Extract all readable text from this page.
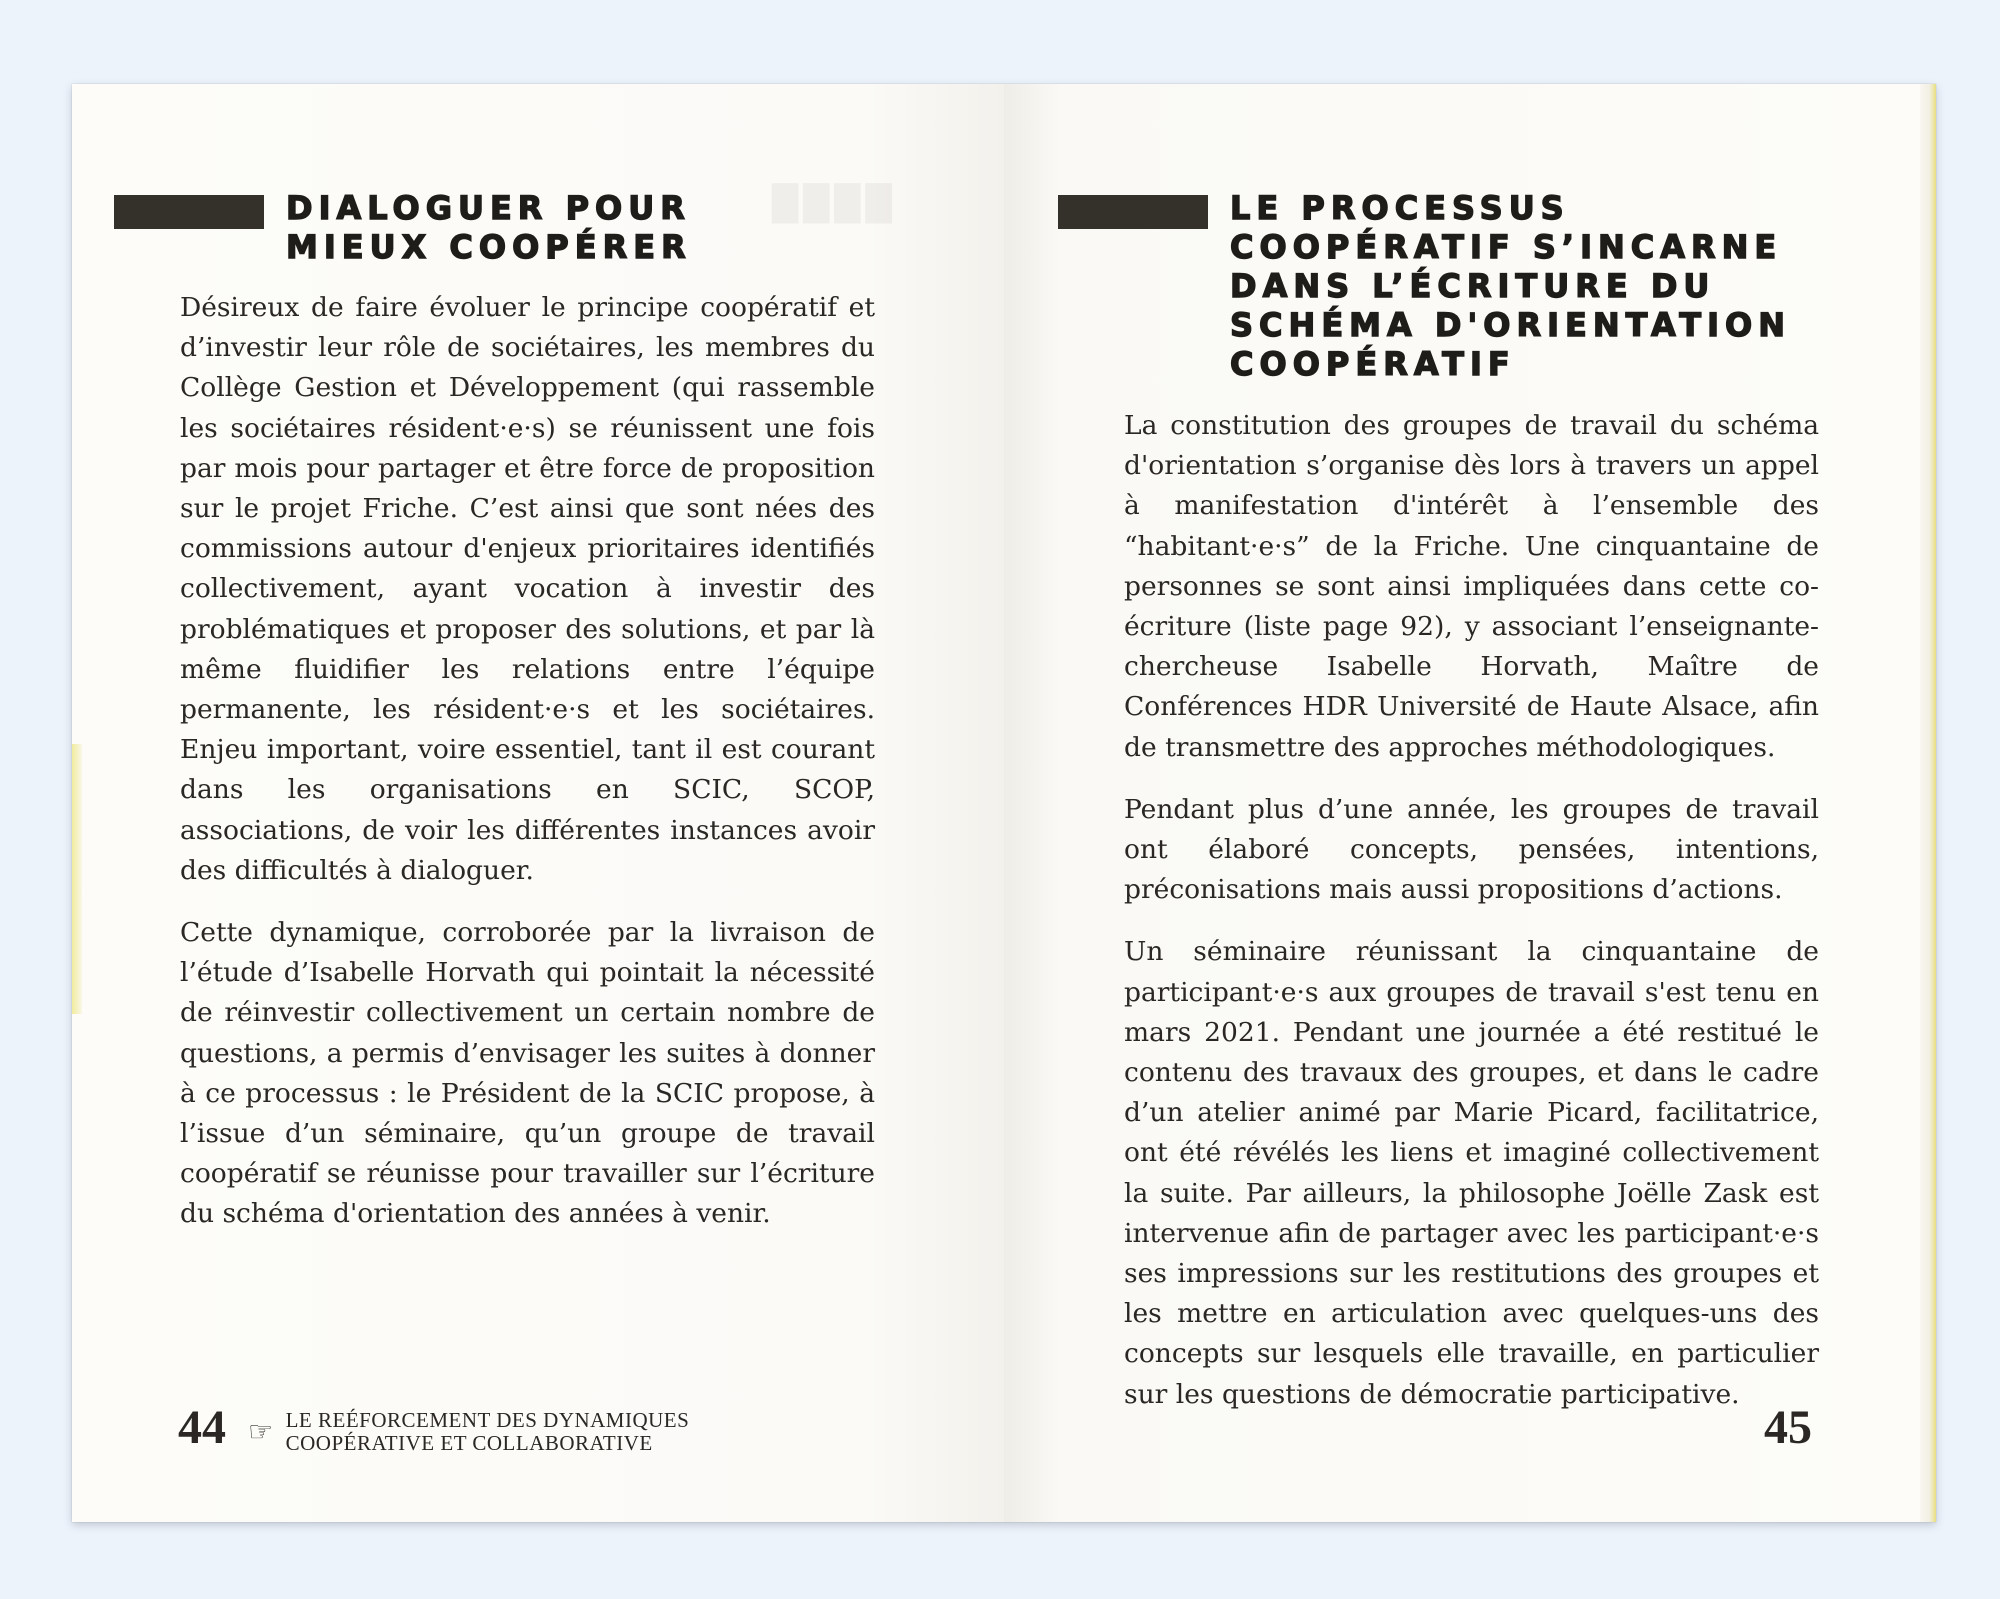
████
DIALOGUER POUR
MIEUX COOPÉRER

Désireux de faire évoluer le principe coopératif et d’investir leur rôle de sociétaires, les membres du Collège Gestion et Développement (qui rassemble les sociétaires résident·e·s) se réunissent une fois par mois pour partager et être force de proposition sur le projet Friche. C’est ainsi que sont nées des commissions autour d'enjeux prioritaires identifiés collectivement, ayant vocation à investir des problématiques et proposer des solutions, et par là même fluidifier les relations entre l’équipe permanente, les résident·e·s et les sociétaires. Enjeu important, voire essentiel, tant il est courant dans les organisations en SCIC, SCOP, associations, de voir les différentes instances avoir des difficultés à dialoguer.

Cette dynamique, corroborée par la livraison de l’étude d’Isabelle Horvath qui pointait la nécessité de réinvestir collectivement un certain nombre de questions, a permis d’envisager les suites à donner à ce processus : le Président de la SCIC propose, à l’issue d’un séminaire, qu’un groupe de travail coopératif se réunisse pour travailler sur l’écriture du schéma d'orientation des années à venir.

44 ☞ LE REÉFORCEMENT DES DYNAMIQUES
COOPÉRATIVE ET COLLABORATIVE
LE PROCESSUS
COOPÉRATIF S’INCARNE
DANS L’ÉCRITURE DU
SCHÉMA D'ORIENTATION
COOPÉRATIF

La constitution des groupes de travail du schéma d'orientation s’organise dès lors à travers un appel à manifestation d'intérêt à l’ensemble des “habitant·e·s” de la Friche. Une cinquantaine de personnes se sont ainsi impliquées dans cette co-écriture (liste page 92), y associant l’enseignante-chercheuse Isabelle Horvath, Maître de Conférences HDR Université de Haute Alsace, afin de transmettre des approches méthodologiques.

Pendant plus d’une année, les groupes de travail ont élaboré concepts, pensées, intentions, préconisations mais aussi propositions d’actions.

Un séminaire réunissant la cinquantaine de participant·e·s aux groupes de travail s'est tenu en mars 2021. Pendant une journée a été restitué le contenu des travaux des groupes, et dans le cadre d’un atelier animé par Marie Picard, facilitatrice, ont été révélés les liens et imaginé collectivement la suite. Par ailleurs, la philosophe Joëlle Zask est intervenue afin de partager avec les participant·e·s ses impressions sur les restitutions des groupes et les mettre en articulation avec quelques-uns des concepts sur lesquels elle travaille, en particulier sur les questions de démocratie participative.

45
